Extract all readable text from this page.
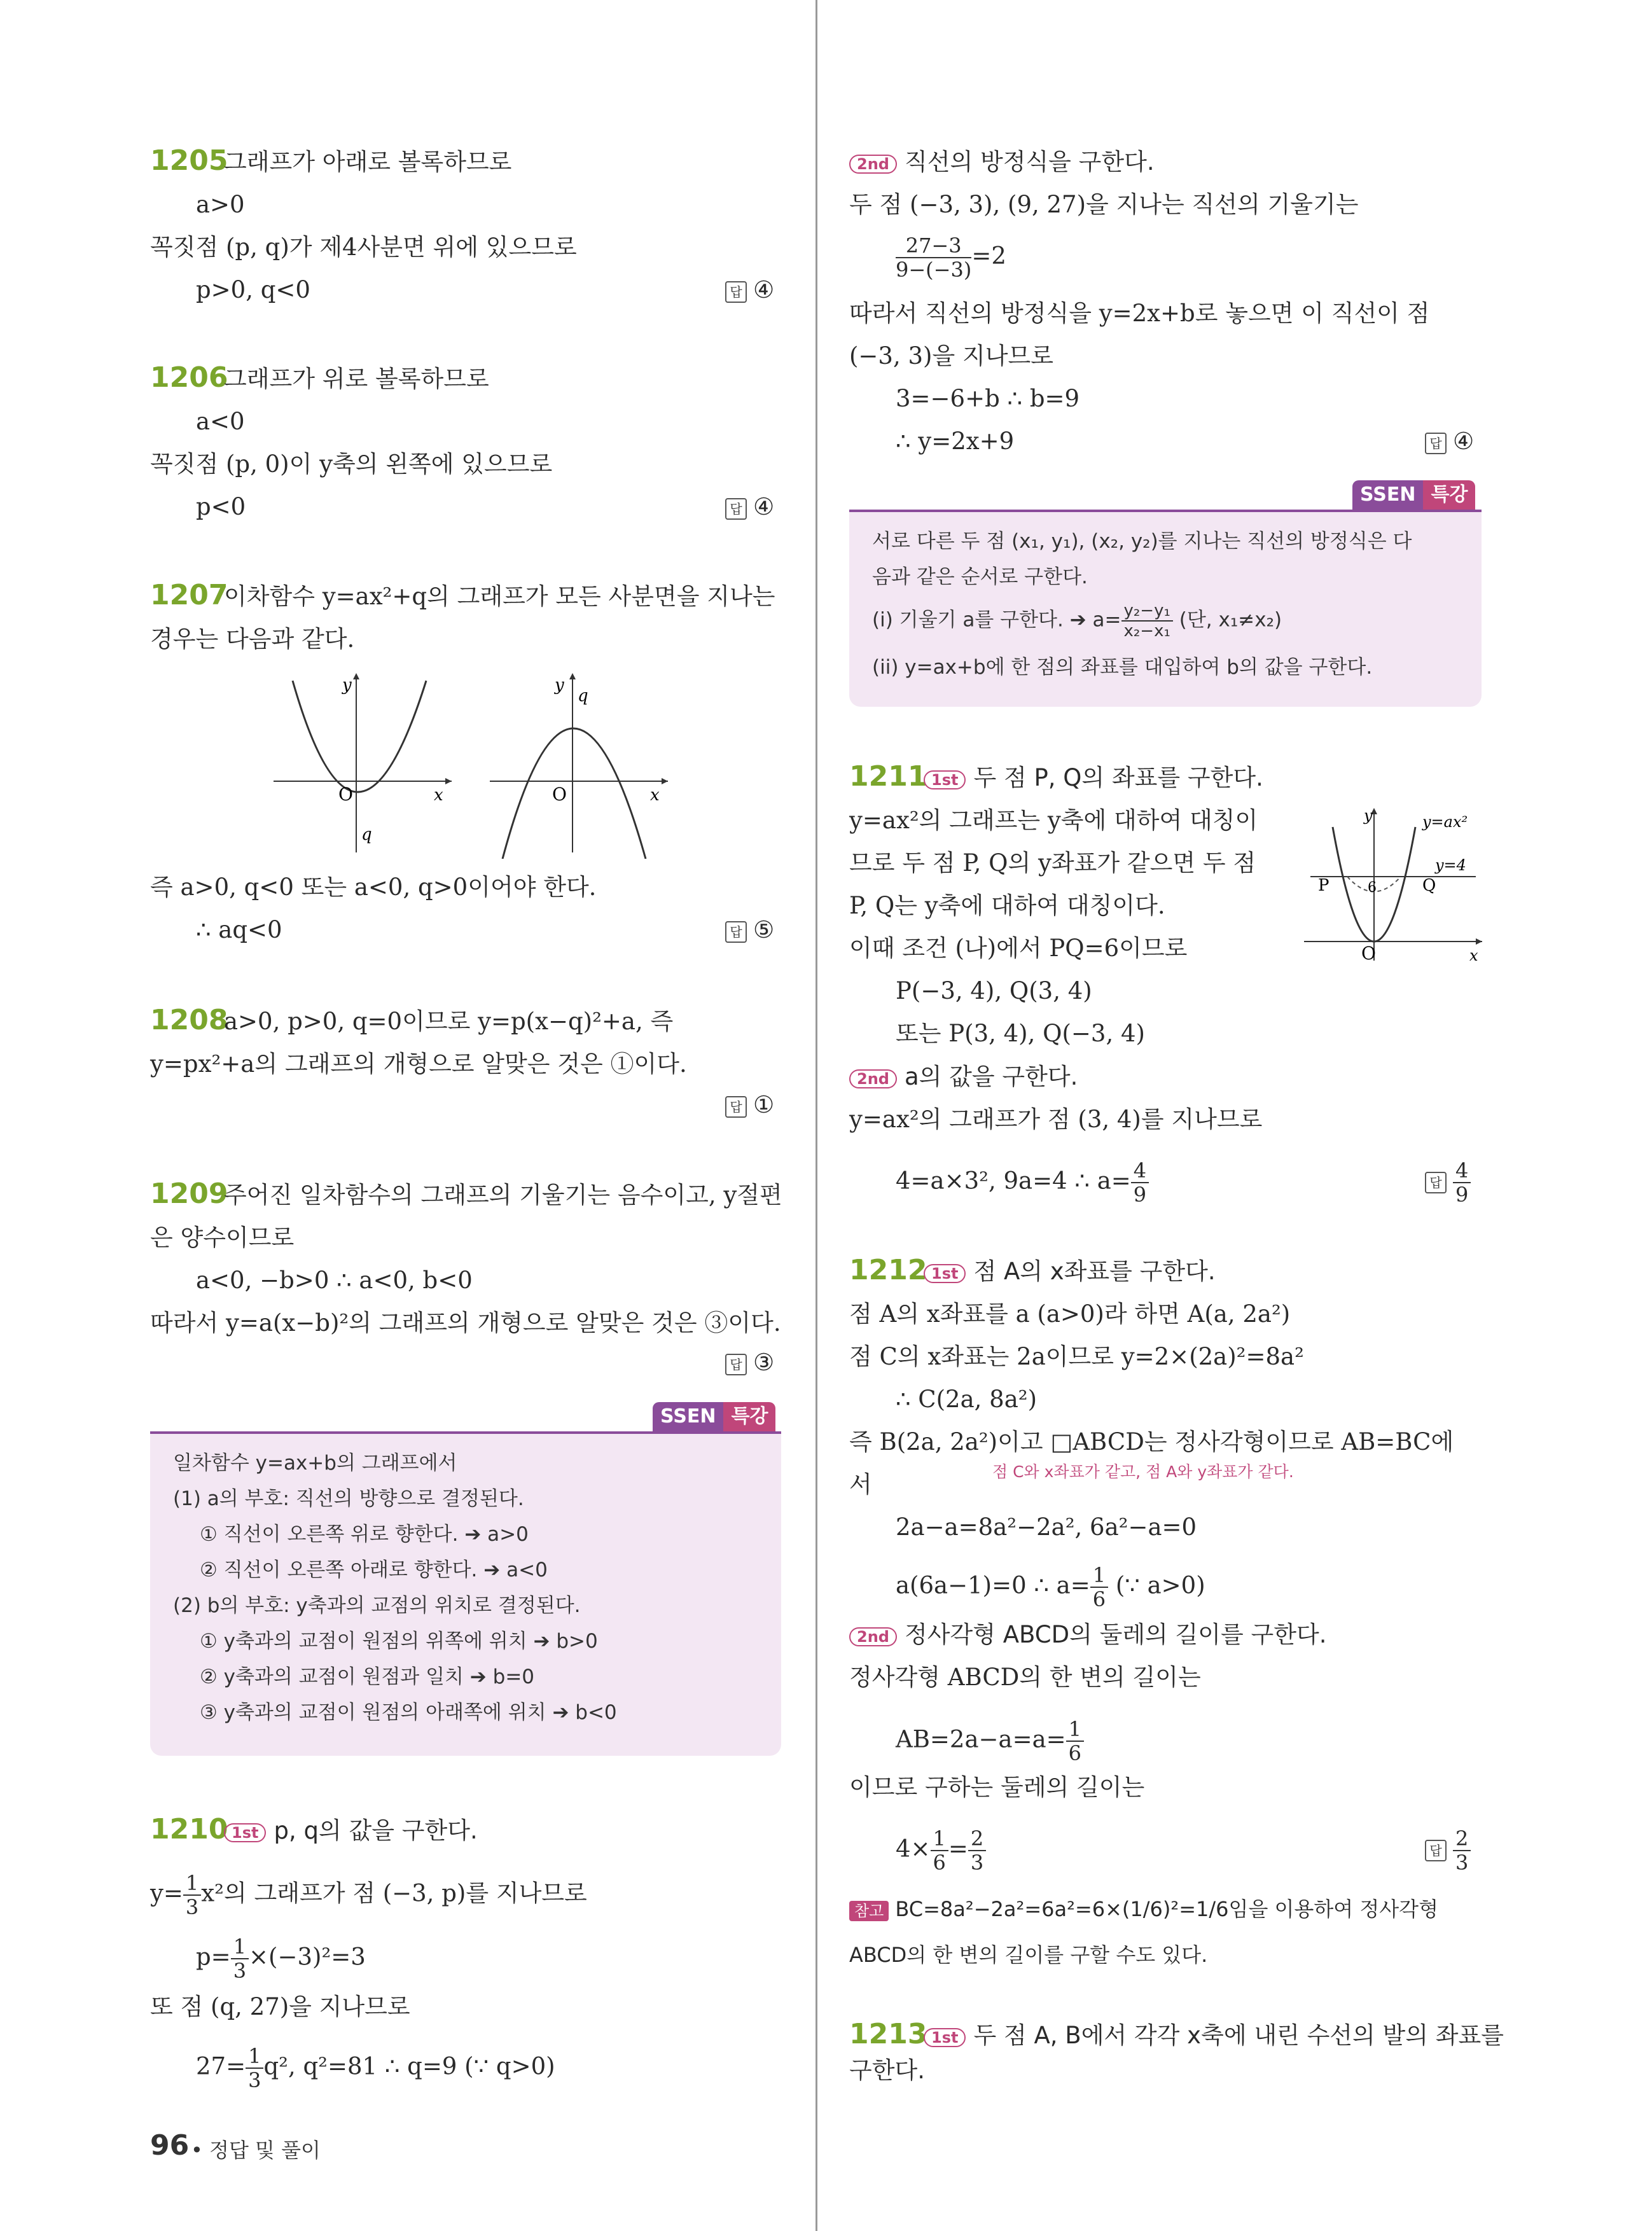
1205
그래프가 아래로 볼록하므로
a>0
꼭짓점 (p, q)가 제4사분면 위에 있으므로
p>0, q<0	답 ④
1206
그래프가 위로 볼록하므로
a<0
꼭짓점 (p, 0)이 y축의 왼쪽에 있으므로
p<0	답 ④
1207
이차함수 y=ax²+q의 그래프가 모든 사분면을 지나는
경우는 다음과 같다.
y
x
O
q
y
x
O
q
즉 a>0, q<0 또는 a<0, q>0이어야 한다.
∴ aq<0	답 ⑤
1208
a>0, p>0, q=0이므로 y=p(x−q)²+a, 즉
y=px²+a의 그래프의 개형으로 알맞은 것은 ①이다.
답 ①
1209
주어진 일차함수의 그래프의 기울기는 음수이고, y절편
은 양수이므로
a<0, −b>0 ∴ a<0, b<0
따라서 y=a(x−b)²의 그래프의 개형으로 알맞은 것은 ③이다.
답 ③
SSEN 특강
일차함수 y=ax+b의 그래프에서
(1) a의 부호: 직선의 방향으로 결정된다.
① 직선이 오른쪽 위로 향한다. ➔ a>0
② 직선이 오른쪽 아래로 향한다. ➔ a<0
(2) b의 부호: y축과의 교점의 위치로 결정된다.
① y축과의 교점이 원점의 위쪽에 위치 ➔ b>0
② y축과의 교점이 원점과 일치 ➔ b=0
③ y축과의 교점이 원점의 아래쪽에 위치 ➔ b<0
1210 1st p, q의 값을 구한다.
$y= \frac{1}{3} x^2$의 그래프가 점 (−3, p)를 지나므로
$p= \frac{1}{3} \times(-3)^2=3$
또 점 (q, 27)을 지나므로
$27= \frac{1}{3} q^2$, q²=81 ∴ q=9 (∵ q>0)
96 • 정답 및 풀이
2nd 직선의 방정식을 구한다.
두 점 (−3, 3), (9, 27)을 지나는 직선의 기울기는
$\frac{27-3}{9-(-3)} =2$
따라서 직선의 방정식을 y=2x+b로 놓으면 이 직선이 점
(−3, 3)을 지나므로
3=−6+b ∴ b=9
∴ y=2x+9	답 ④
SSEN 특강
서로 다른 두 점 (x₁, y₁), (x₂, y₂)를 지나는 직선의 방정식은 다
음과 같은 순서로 구한다.
(i) 기울기 a를 구한다. ➔ $a= \frac{\text{y₂−y₁}}{\text{x₂−x₁}}$ (단, x₁≠x₂)
(ii) y=ax+b에 한 점의 좌표를 대입하여 b의 값을 구한다.
1211 1st 두 점 P, Q의 좌표를 구한다.
y=ax²의 그래프는 y축에 대하여 대칭이
므로 두 점 P, Q의 y좌표가 같으면 두 점
P, Q는 y축에 대하여 대칭이다.
이때 조건 (나)에서 PQ=6이므로
P(−3, 4), Q(3, 4)
또는 P(3, 4), Q(−3, 4)
y=ax²
y=4
P	Q
6
O	x
y
2nd a의 값을 구한다.
y=ax²의 그래프가 점 (3, 4)를 지나므로
4=a×3², 9a=4 ∴ $a= \frac{4}{9}$	답 $\frac{4}{9}$
1212 1st 점 A의 x좌표를 구한다.
점 A의 x좌표를 a (a>0)라 하면 A(a, 2a²)
점 C의 x좌표는 2a이므로 y=2×(2a)²=8a²
∴ C(2a, 8a²)
즉 B(2a, 2a²)이고 □ABCD는 정사각형이므로 AB=BC에
점 C와 x좌표가 같고, 점 A와 y좌표가 같다.
서
2a−a=8a²−2a², 6a²−a=0
a(6a−1)=0 ∴ $a= \frac{1}{6}$ (∵ a>0)
2nd 정사각형 ABCD의 둘레의 길이를 구한다.
정사각형 ABCD의 한 변의 길이는
$AB=2a-a=a= \frac{1}{6}$
이므로 구하는 둘레의 길이는
$4\times \frac{1}{6} = \frac{2}{3}$	답 $\frac{2}{3}$
참고 BC=8a²−2a²=6a²=6×(1/6)²=1/6임을 이용하여 정사각형
ABCD의 한 변의 길이를 구할 수도 있다.
1213 1st 두 점 A, B에서 각각 x축에 내린 수선의 발의 좌표를
구한다.
